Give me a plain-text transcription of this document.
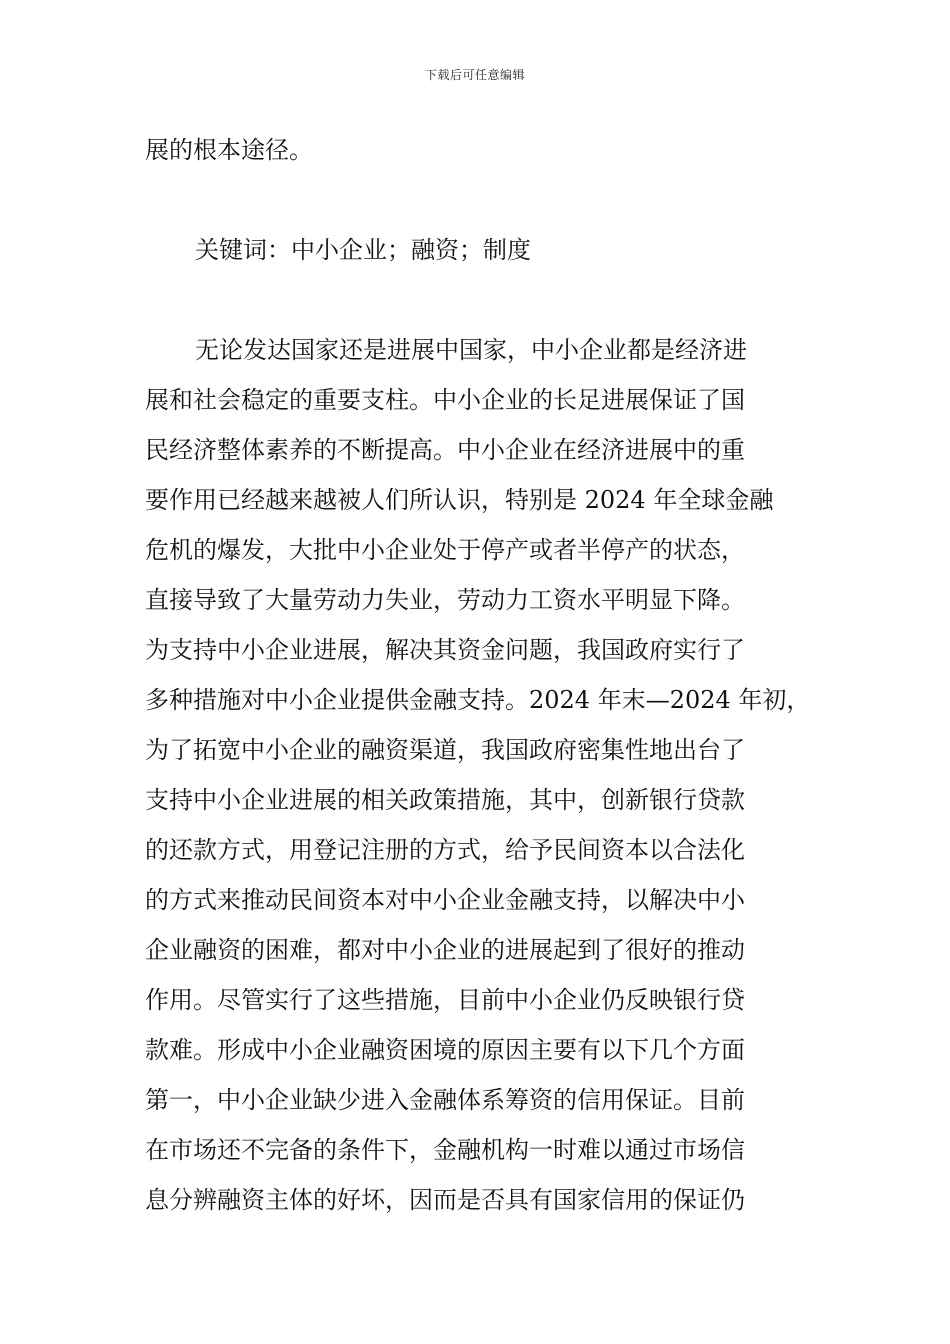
下载后可任意编辑
展的根本途径。
关键词：中小企业；融资；制度
无论发达国家还是进展中国家，中小企业都是经济进
展和社会稳定的重要支柱。中小企业的长足进展保证了国
民经济整体素养的不断提高。中小企业在经济进展中的重
要作用已经越来越被人们所认识，特别是 2024 年全球金融
危机的爆发，大批中小企业处于停产或者半停产的状态，
直接导致了大量劳动力失业，劳动力工资水平明显下降。
为支持中小企业进展，解决其资金问题，我国政府实行了
多种措施对中小企业提供金融支持。2024 年末—2024 年初，
为了拓宽中小企业的融资渠道，我国政府密集性地出台了
支持中小企业进展的相关政策措施，其中，创新银行贷款
的还款方式，用登记注册的方式，给予民间资本以合法化
的方式来推动民间资本对中小企业金融支持，以解决中小
企业融资的困难，都对中小企业的进展起到了很好的推动
作用。尽管实行了这些措施，目前中小企业仍反映银行贷
款难。形成中小企业融资困境的原因主要有以下几个方面
第一，中小企业缺少进入金融体系筹资的信用保证。目前
在市场还不完备的条件下，金融机构一时难以通过市场信
息分辨融资主体的好坏，因而是否具有国家信用的保证仍
